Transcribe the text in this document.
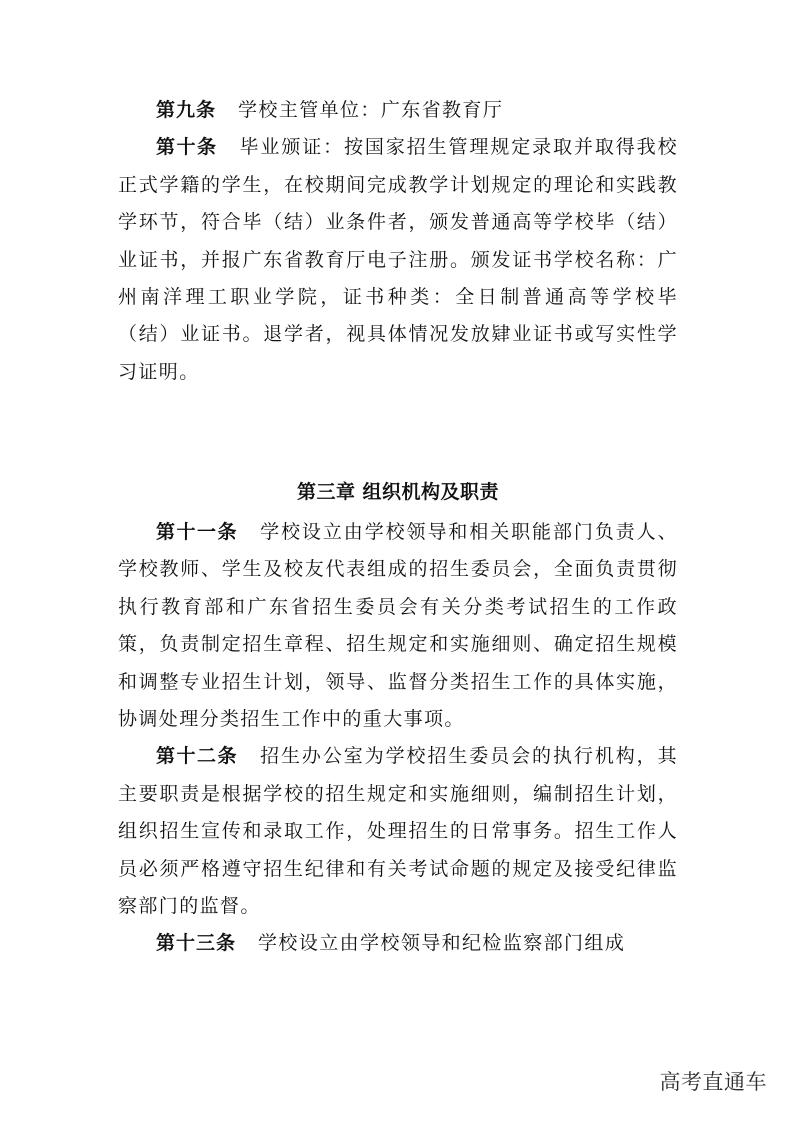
第九条 学校主管单位：广东省教育厅

第十条 毕业颁证：按国家招生管理规定录取并取得我校正式学籍的学生，在校期间完成教学计划规定的理论和实践教学环节，符合毕（结）业条件者，颁发普通高等学校毕（结）业证书，并报广东省教育厅电子注册。颁发证书学校名称：广州南洋理工职业学院，证书种类：全日制普通高等学校毕（结）业证书。退学者，视具体情况发放肄业证书或写实性学习证明。

第三章 组织机构及职责

第十一条 学校设立由学校领导和相关职能部门负责人、学校教师、学生及校友代表组成的招生委员会，全面负责贯彻执行教育部和广东省招生委员会有关分类考试招生的工作政策，负责制定招生章程、招生规定和实施细则、确定招生规模和调整专业招生计划，领导、监督分类招生工作的具体实施，协调处理分类招生工作中的重大事项。

第十二条 招生办公室为学校招生委员会的执行机构，其主要职责是根据学校的招生规定和实施细则，编制招生计划，组织招生宣传和录取工作，处理招生的日常事务。招生工作人员必须严格遵守招生纪律和有关考试命题的规定及接受纪律监察部门的监督。

第十三条 学校设立由学校领导和纪检监察部门组成

高考直通车
